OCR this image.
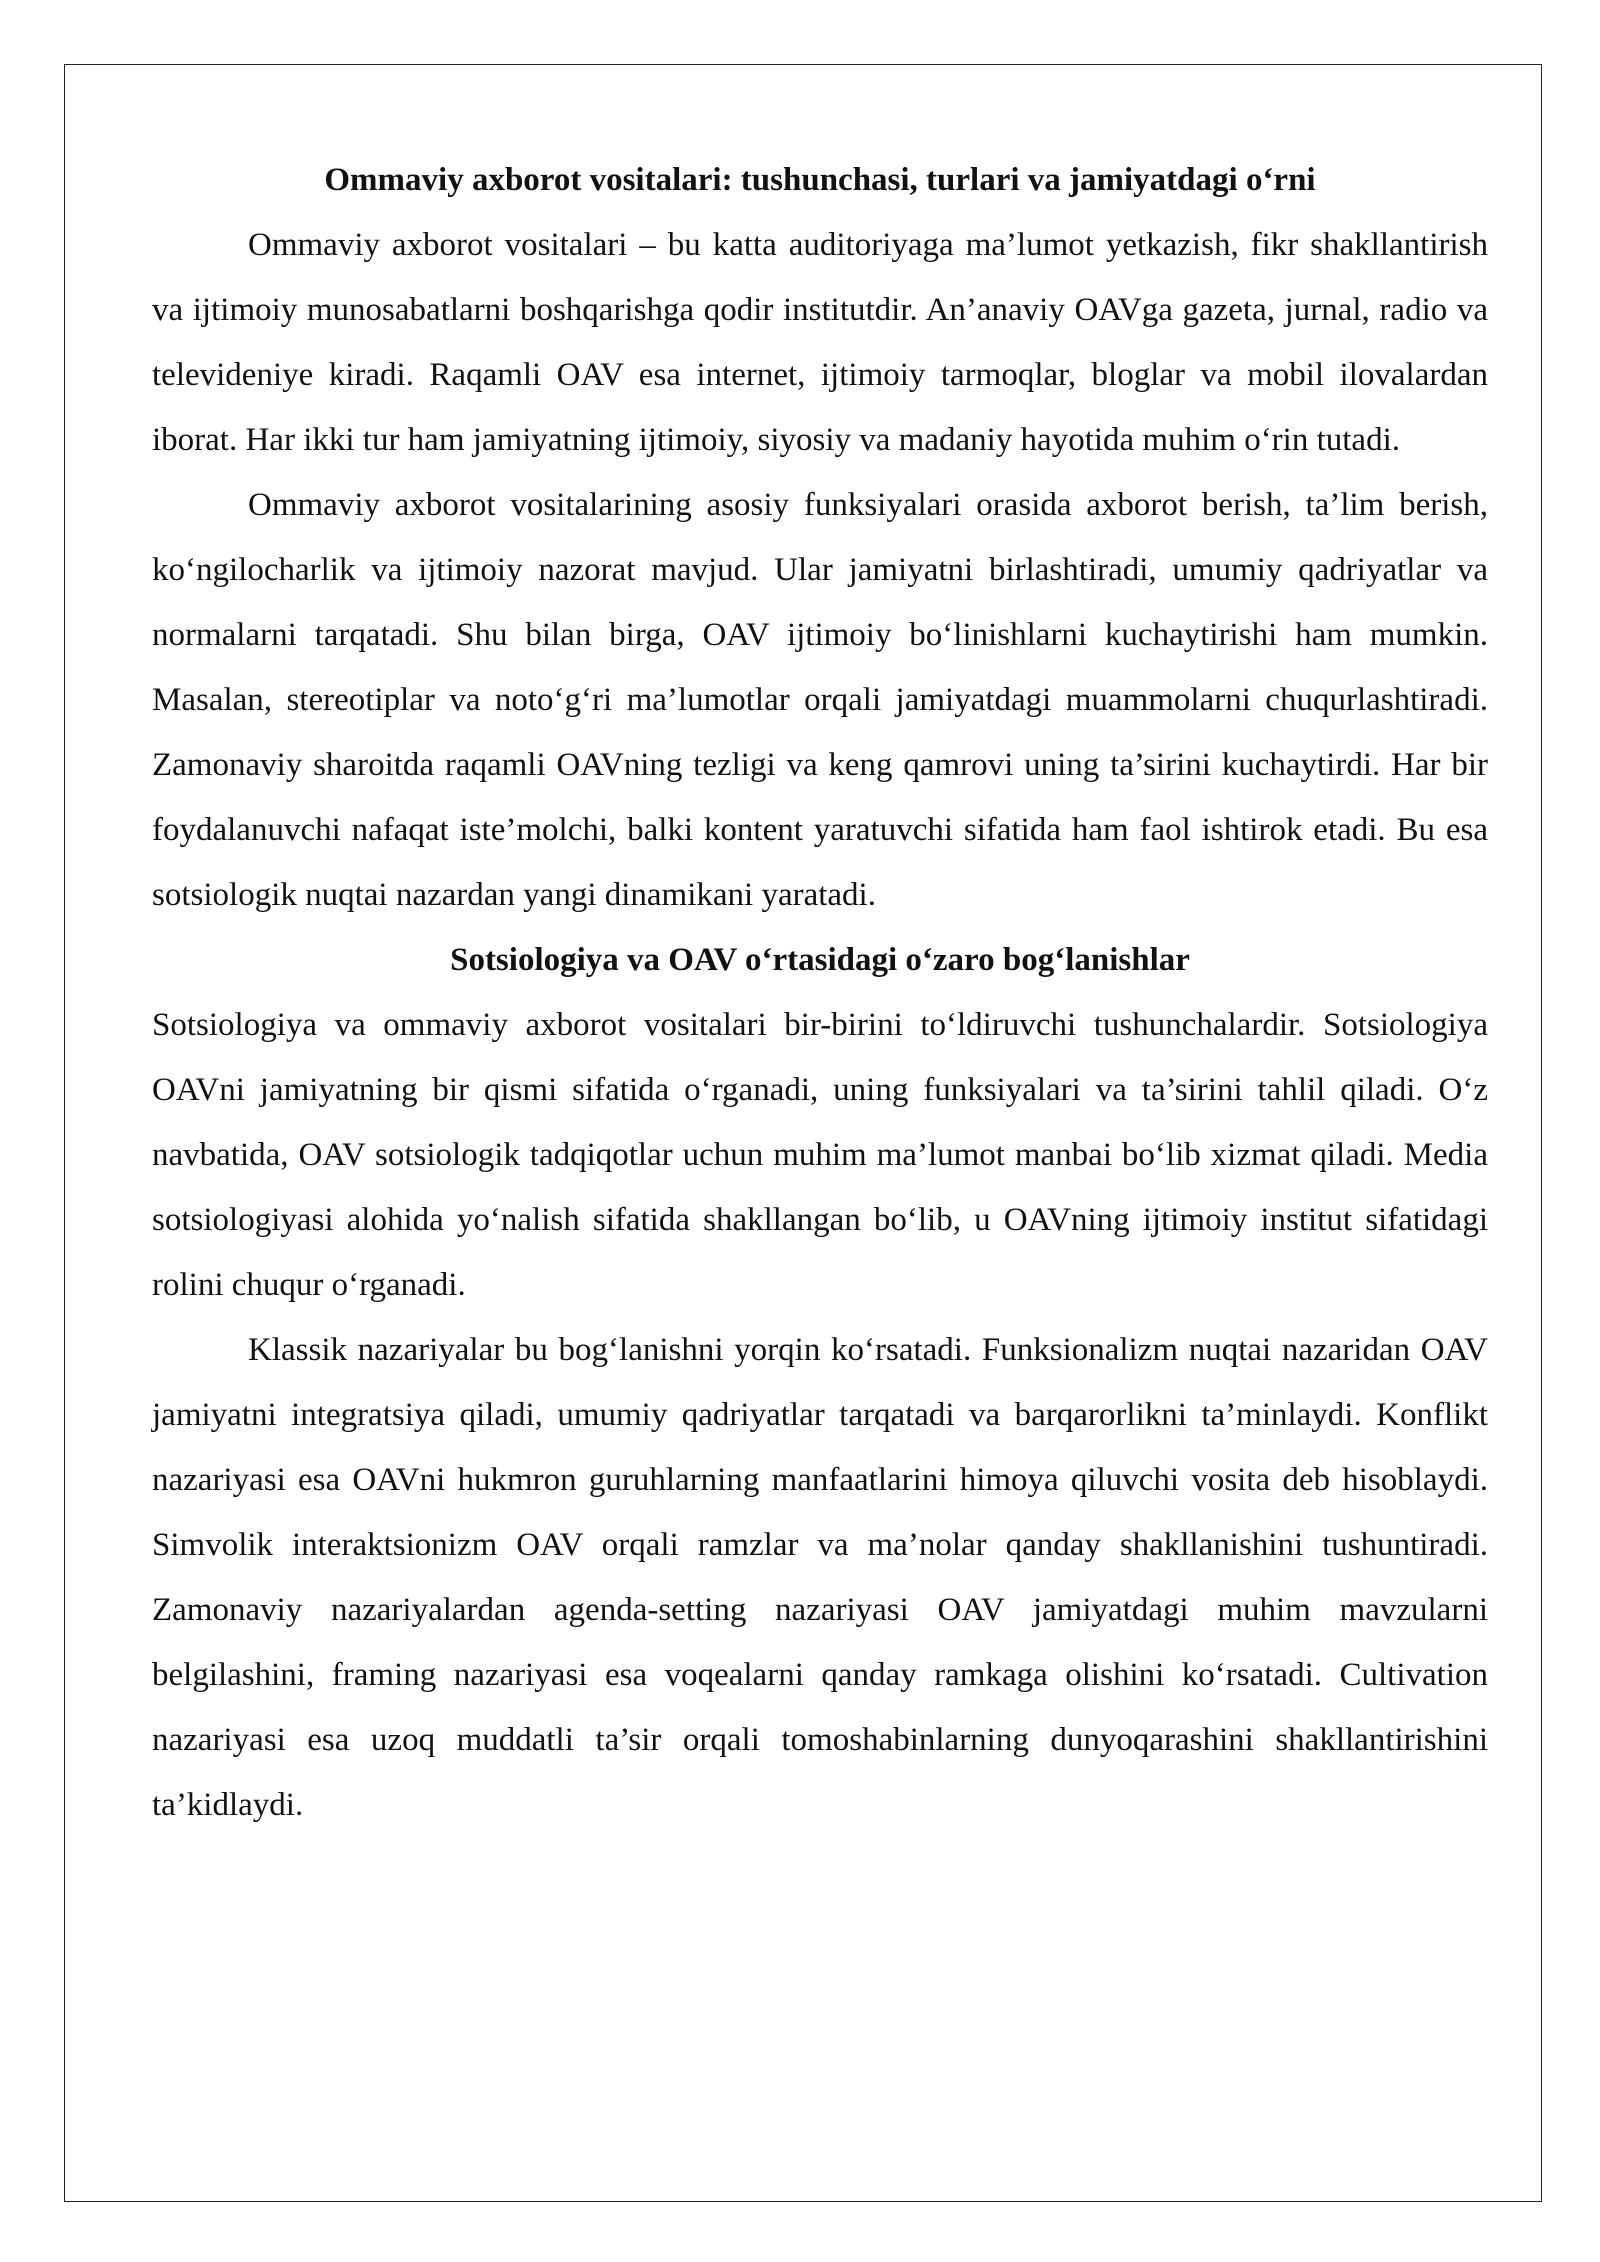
Ommaviy axborot vositalari: tushunchasi, turlari va jamiyatdagi o‘rni

Ommaviy axborot vositalari – bu katta auditoriyaga ma’lumot yetkazish, fikr shakllantirish va ijtimoiy munosabatlarni boshqarishga qodir institutdir. An’anaviy OAVga gazeta, jurnal, radio va televideniye kiradi. Raqamli OAV esa internet, ijtimoiy tarmoqlar, bloglar va mobil ilovalardan iborat. Har ikki tur ham jamiyatning ijtimoiy, siyosiy va madaniy hayotida muhim o‘rin tutadi.

Ommaviy axborot vositalarining asosiy funksiyalari orasida axborot berish, ta’lim berish, ko‘ngilocharlik va ijtimoiy nazorat mavjud. Ular jamiyatni birlashtiradi, umumiy qadriyatlar va normalarni tarqatadi. Shu bilan birga, OAV ijtimoiy bo‘linishlarni kuchaytirishi ham mumkin. Masalan, stereotiplar va noto‘g‘ri ma’lumotlar orqali jamiyatdagi muammolarni chuqurlashtiradi. Zamonaviy sharoitda raqamli OAVning tezligi va keng qamrovi uning ta’sirini kuchaytirdi. Har bir foydalanuvchi nafaqat iste’molchi, balki kontent yaratuvchi sifatida ham faol ishtirok etadi. Bu esa sotsiologik nuqtai nazardan yangi dinamikani yaratadi.

Sotsiologiya va OAV o‘rtasidagi o‘zaro bog‘lanishlar

Sotsiologiya va ommaviy axborot vositalari bir-birini to‘ldiruvchi tushunchalardir. Sotsiologiya OAVni jamiyatning bir qismi sifatida o‘rganadi, uning funksiyalari va ta’sirini tahlil qiladi. O‘z navbatida, OAV sotsiologik tadqiqotlar uchun muhim ma’lumot manbai bo‘lib xizmat qiladi. Media sotsiologiyasi alohida yo‘nalish sifatida shakllangan bo‘lib, u OAVning ijtimoiy institut sifatidagi rolini chuqur o‘rganadi.

Klassik nazariyalar bu bog‘lanishni yorqin ko‘rsatadi. Funksionalizm nuqtai nazaridan OAV jamiyatni integratsiya qiladi, umumiy qadriyatlar tarqatadi va barqarorlikni ta’minlaydi. Konflikt nazariyasi esa OAVni hukmron guruhlarning manfaatlarini himoya qiluvchi vosita deb hisoblaydi. Simvolik interaktsionizm OAV orqali ramzlar va ma’nolar qanday shakllanishini tushuntiradi. Zamonaviy nazariyalardan agenda-setting nazariyasi OAV jamiyatdagi muhim mavzularni belgilashini, framing nazariyasi esa voqealarni qanday ramkaga olishini ko‘rsatadi. Cultivation nazariyasi esa uzoq muddatli ta’sir orqali tomoshabinlarning dunyoqarashini shakllantirishini ta’kidlaydi.
